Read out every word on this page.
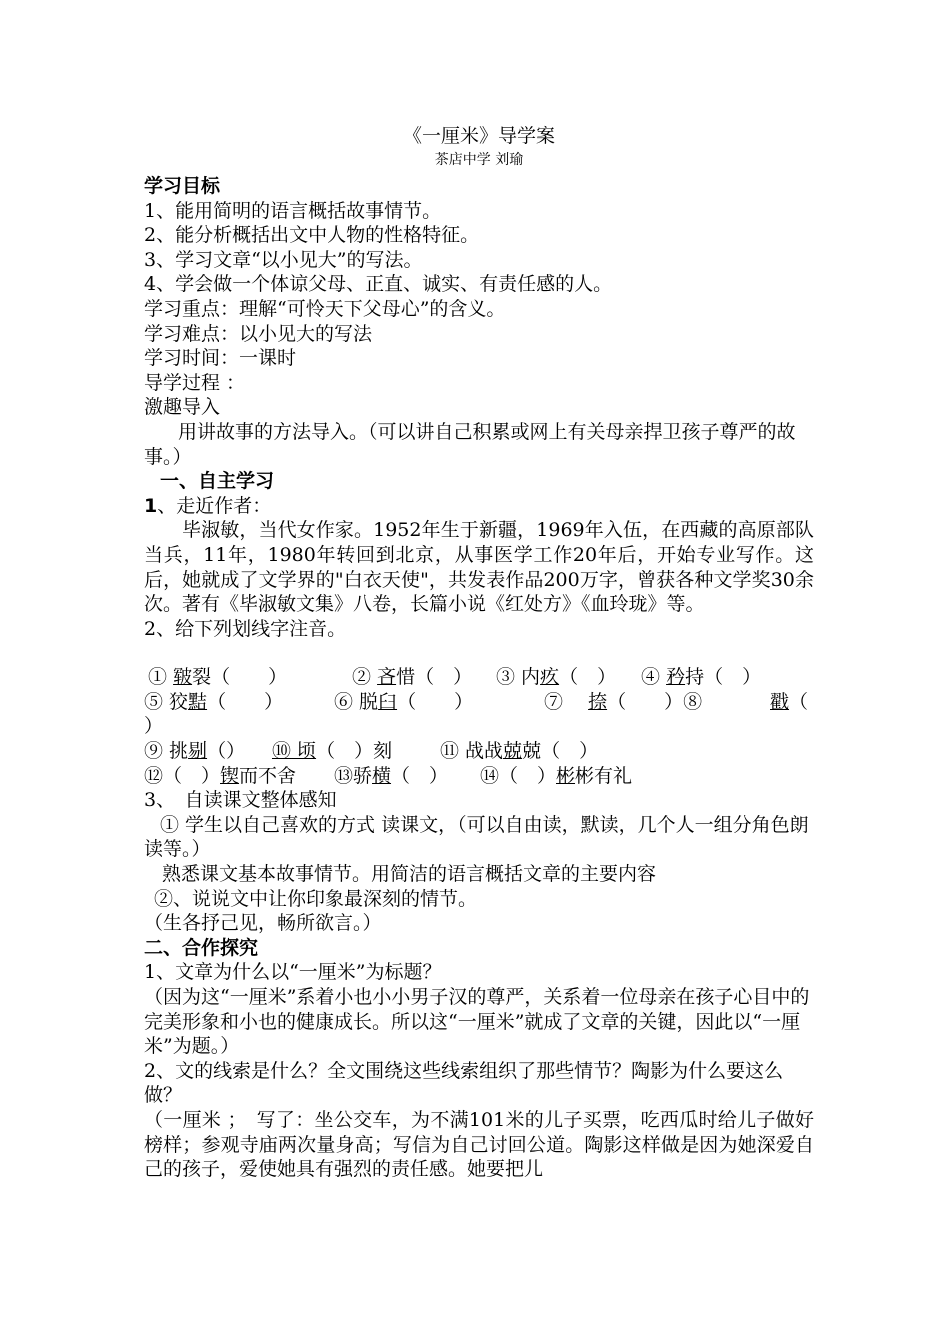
《一厘米》导学案
茶店中学 刘瑜
学习目标
1、能用简明的语言概括故事情节。
2、能分析概括出文中人物的性格特征。
3、学习文章“以小见大”的写法。
4、学会做一个体谅父母、正直、诚实、有责任感的人。
学习重点：理解“可怜天下父母心”的含义。
学习难点：以小见大的写法
学习时间：一课时
导学过程 ：
激趣导入
用讲故事的方法导入。（可以讲自己积累或网上有关母亲捍卫孩子尊严的故事。）
一、自主学习
1、走近作者：
毕淑敏，当代女作家。1952年生于新疆，1969年入伍，在西藏的高原部队当兵，11年，1980年转回到北京，从事医学工作20年后，开始专业写作。这后，她就成了文学界的"白衣天使"，共发表作品200万字，曾获各种文学奖30余次。著有《毕淑敏文集》八卷，长篇小说《红处方》《血玲珑》等。
2、给下列划线字注音。
① 皲裂（　　）	② 吝惜（　） ③ 内疚（　） ④ 矜持（　）
⑤ 狡黠（　　）	⑥ 脱臼（　　）	⑦　 捺（　　）⑧	戳（
）
⑨ 挑剔（） ⑩ 顷（　）刻	⑪ 战战兢兢（　）
⑫（　）锲而不舍 ⑬骄横（　） ⑭（　）彬彬有礼
3、　自读课文整体感知
① 学生以自己喜欢的方式 读课文，（可以自由读，默读，几个人一组分角色朗读等。）
熟悉课文基本故事情节。用简洁的语言概括文章的主要内容
②、说说文中让你印象最深刻的情节。
（生各抒己见，畅所欲言。）
二、合作探究
1、文章为什么以“一厘米”为标题？
（因为这“一厘米”系着小也小小男子汉的尊严，关系着一位母亲在孩子心目中的完美形象和小也的健康成长。所以这“一厘米”就成了文章的关键，因此以“一厘米”为题。）
2、文的线索是什么？全文围绕这些线索组织了那些情节？陶影为什么要这么做？
（一厘米 ；　写了：坐公交车，为不满101米的儿子买票，吃西瓜时给儿子做好榜样；参观寺庙两次量身高；写信为自己讨回公道。陶影这样做是因为她深爱自己的孩子，爱使她具有强烈的责任感。她要把儿
